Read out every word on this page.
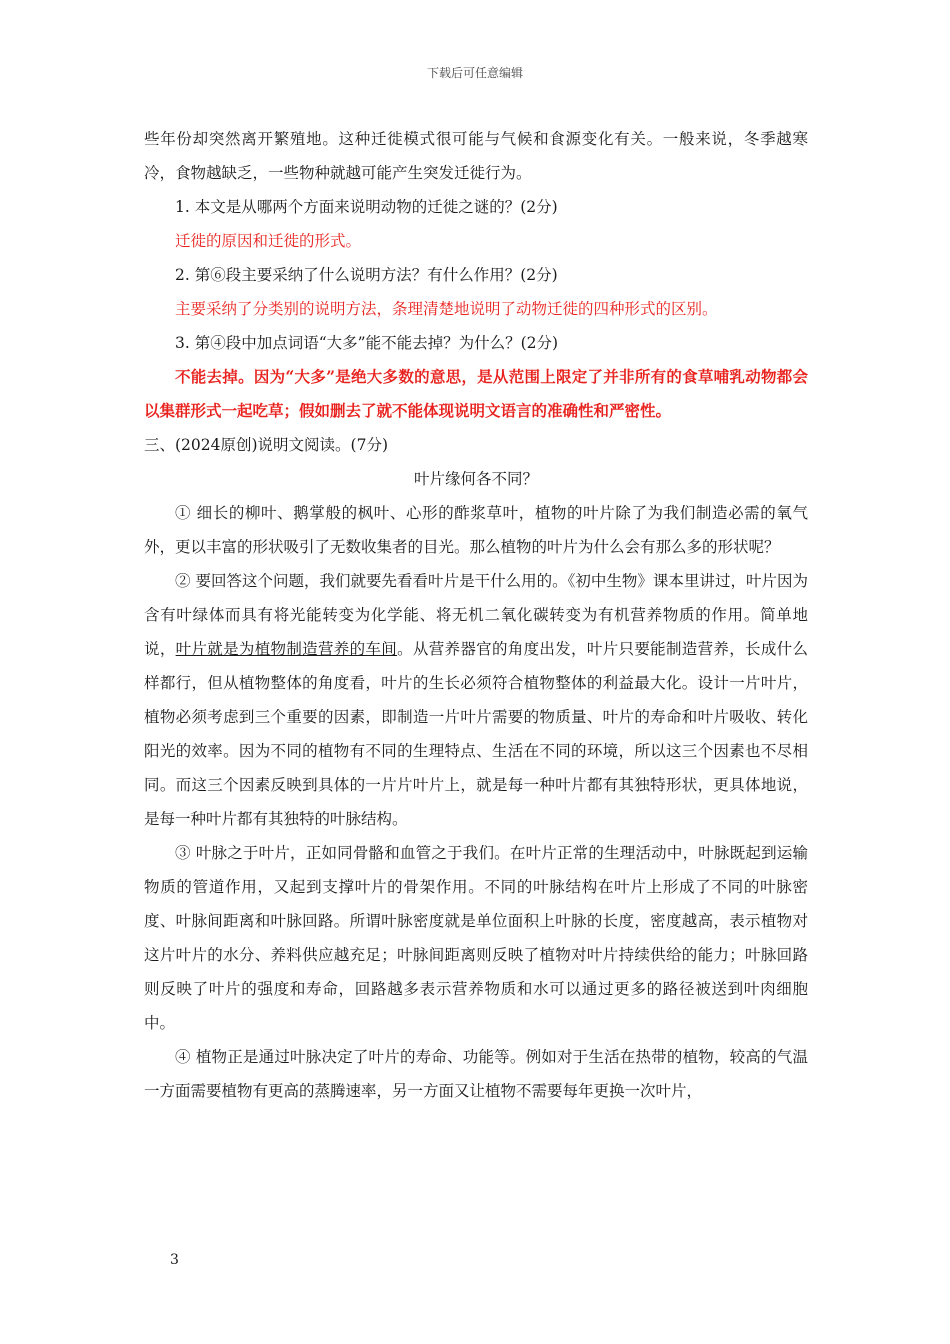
下载后可任意编辑

些年份却突然离开繁殖地。这种迁徙模式很可能与气候和食源变化有关。一般来说，冬季越寒冷，食物越缺乏，一些物种就越可能产生突发迁徙行为。

1. 本文是从哪两个方面来说明动物的迁徙之谜的？(2分)

迁徙的原因和迁徙的形式。

2. 第⑥段主要采纳了什么说明方法？有什么作用？(2分)

主要采纳了分类别的说明方法，条理清楚地说明了动物迁徙的四种形式的区别。

3. 第④段中加点词语“大多”能不能去掉？为什么？(2分)

不能去掉。因为“大多”是绝大多数的意思，是从范围上限定了并非所有的食草哺乳动物都会以集群形式一起吃草；假如删去了就不能体现说明文语言的准确性和严密性。

三、(2024原创)说明文阅读。(7分)

叶片缘何各不同？

① 细长的柳叶、鹅掌般的枫叶、心形的酢浆草叶，植物的叶片除了为我们制造必需的氧气外，更以丰富的形状吸引了无数收集者的目光。那么植物的叶片为什么会有那么多的形状呢？

② 要回答这个问题，我们就要先看看叶片是干什么用的。《初中生物》课本里讲过，叶片因为含有叶绿体而具有将光能转变为化学能、将无机二氧化碳转变为有机营养物质的作用。简单地说，叶片就是为植物制造营养的车间。从营养器官的角度出发，叶片只要能制造营养，长成什么样都行，但从植物整体的角度看，叶片的生长必须符合植物整体的利益最大化。设计一片叶片，植物必须考虑到三个重要的因素，即制造一片叶片需要的物质量、叶片的寿命和叶片吸收、转化阳光的效率。因为不同的植物有不同的生理特点、生活在不同的环境，所以这三个因素也不尽相同。而这三个因素反映到具体的一片片叶片上，就是每一种叶片都有其独特形状，更具体地说，是每一种叶片都有其独特的叶脉结构。

③ 叶脉之于叶片，正如同骨骼和血管之于我们。在叶片正常的生理活动中，叶脉既起到运输物质的管道作用，又起到支撑叶片的骨架作用。不同的叶脉结构在叶片上形成了不同的叶脉密度、叶脉间距离和叶脉回路。所谓叶脉密度就是单位面积上叶脉的长度，密度越高，表示植物对这片叶片的水分、养料供应越充足；叶脉间距离则反映了植物对叶片持续供给的能力；叶脉回路则反映了叶片的强度和寿命，回路越多表示营养物质和水可以通过更多的路径被送到叶肉细胞中。

④ 植物正是通过叶脉决定了叶片的寿命、功能等。例如对于生活在热带的植物，较高的气温一方面需要植物有更高的蒸腾速率，另一方面又让植物不需要每年更换一次叶片，

3
